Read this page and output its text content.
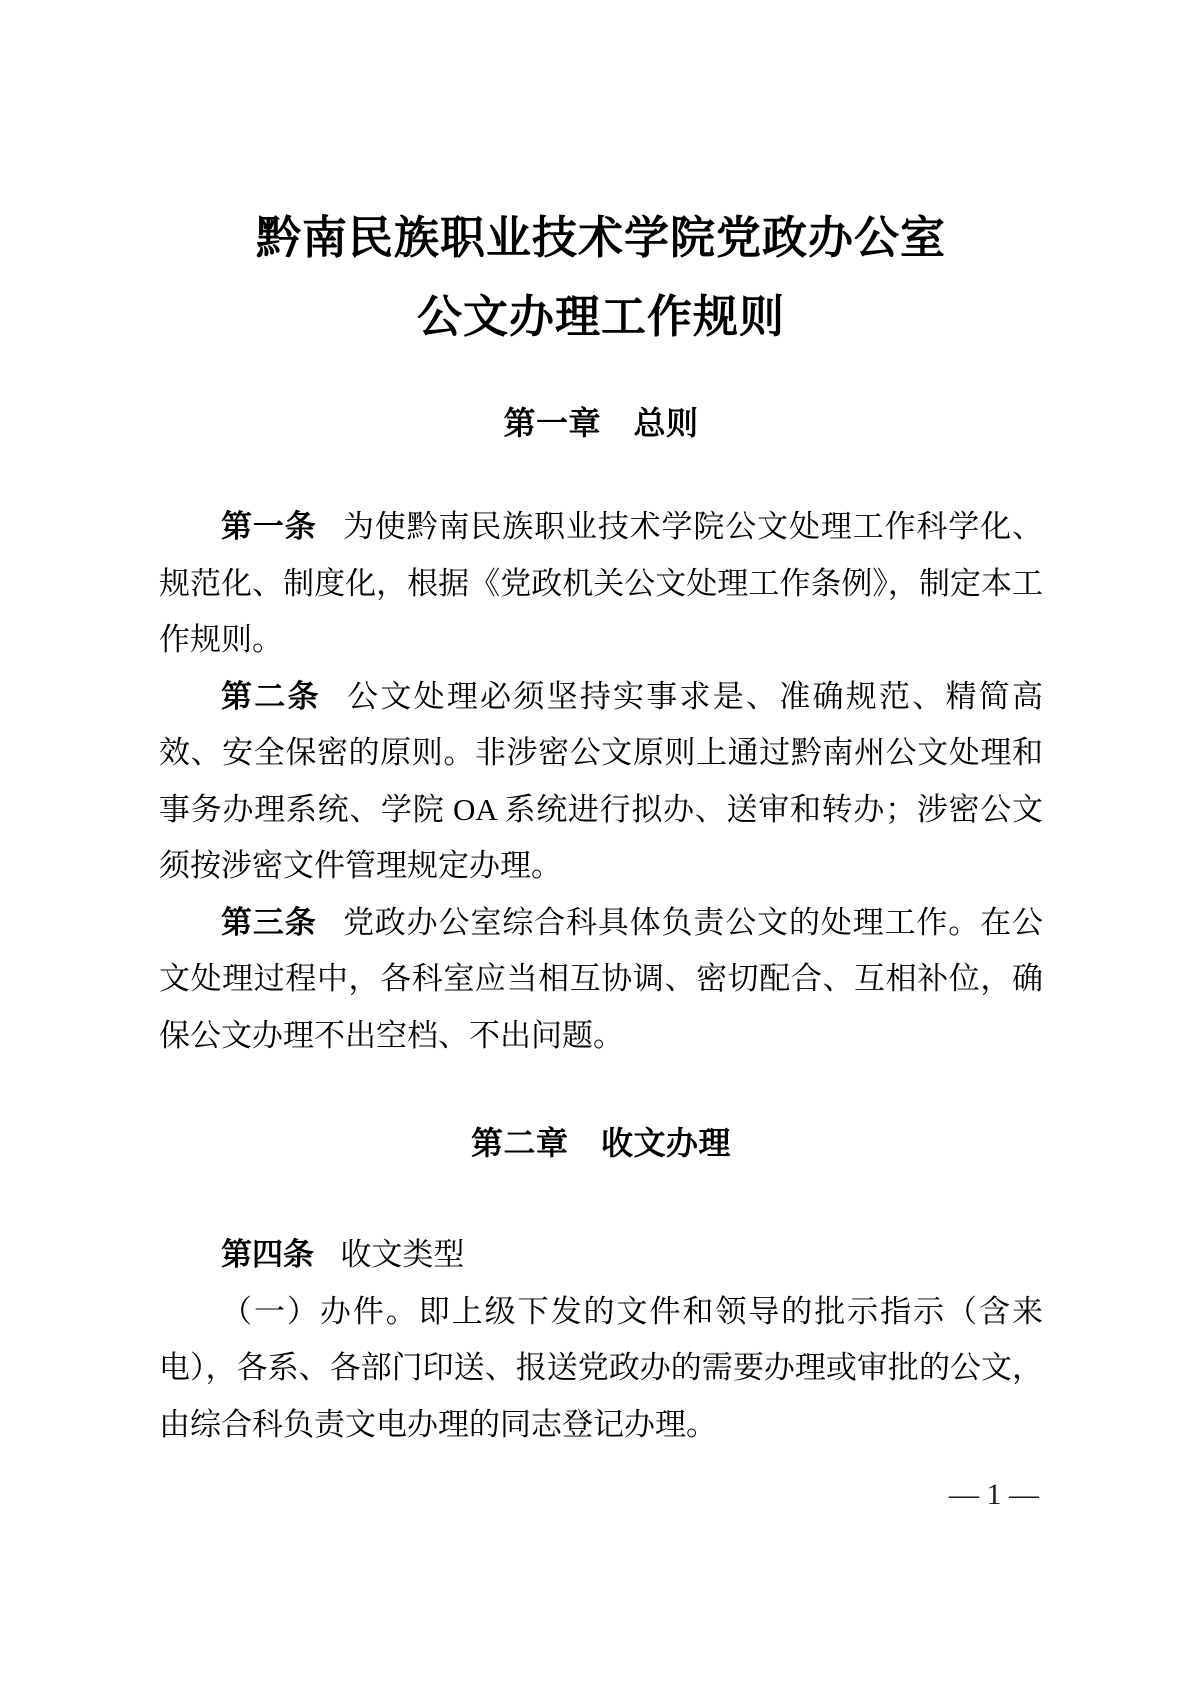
黔南民族职业技术学院党政办公室
公文办理工作规则
第一章　总则

第一条 为使黔南民族职业技术学院公文处理工作科学化、规范化、制度化，根据《党政机关公文处理工作条例》，制定本工作规则。

第二条 公文处理必须坚持实事求是、准确规范、精简高效、安全保密的原则。非涉密公文原则上通过黔南州公文处理和事务办理系统、学院 OA 系统进行拟办、送审和转办；涉密公文须按涉密文件管理规定办理。

第三条 党政办公室综合科具体负责公文的处理工作。在公文处理过程中，各科室应当相互协调、密切配合、互相补位，确保公文办理不出空档、不出问题。

第二章　收文办理

第四条 收文类型

（一）办件。即上级下发的文件和领导的批示指示（含来电），各系、各部门印送、报送党政办的需要办理或审批的公文，由综合科负责文电办理的同志登记办理。

— 1 —
